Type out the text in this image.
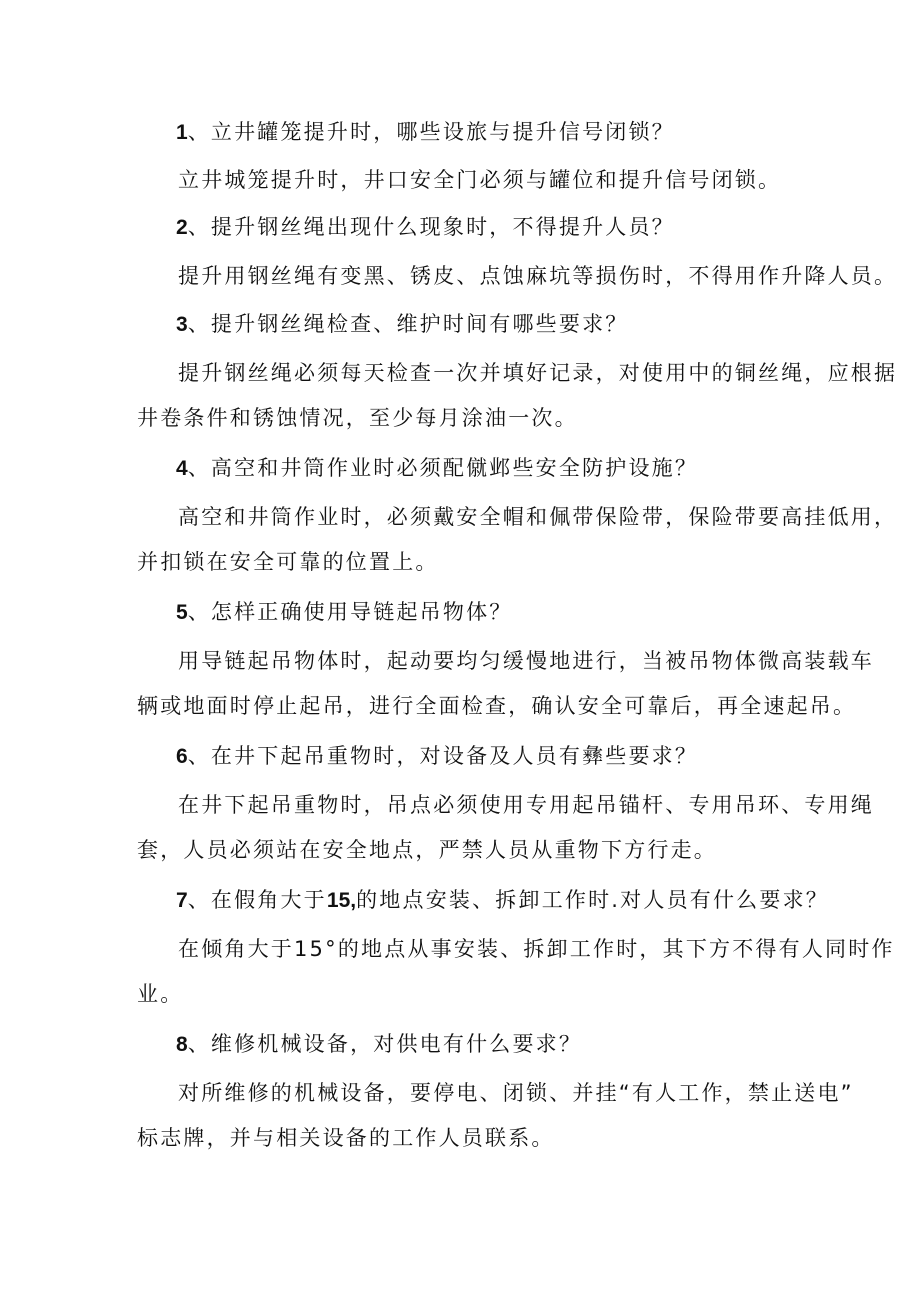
1、立井罐笼提升时，哪些设旅与提升信号闭锁？
立井城笼提升时，井口安全门必须与罐位和提升信号闭锁。
2、提升钢丝绳出现什么现象时，不得提升人员？
提升用钢丝绳有变黑、锈皮、点蚀麻坑等损伤时，不得用作升降人员。
3、提升钢丝绳检查、维护时间有哪些要求？
提升钢丝绳必须每天检查一次并填好记录，对使用中的铜丝绳，应根据
井卷条件和锈蚀情况，至少每月涂油一次。
4、高空和井筒作业时必须配僦邺些安全防护设施？
高空和井筒作业时，必须戴安全帽和佩带保险带，保险带要高挂低用，
并扣锁在安全可靠的位置上。
5、怎样正确使用导链起吊物体？
用导链起吊物体时，起动要均匀缓慢地进行，当被吊物体微高装载车
辆或地面时停止起吊，进行全面检查，确认安全可靠后，再全速起吊。
6、在井下起吊重物时，对设备及人员有彝些要求？
在井下起吊重物时，吊点必须使用专用起吊锚杆、专用吊环、专用绳
套，人员必须站在安全地点，严禁人员从重物下方行走。
7、在假角大于15,的地点安装、拆卸工作时.对人员有什么要求？
在倾角大于15°的地点从事安装、拆卸工作时，其下方不得有人同时作
业。
8、维修机械设备，对供电有什么要求？
对所维修的机械设备，要停电、闭锁、并挂“有人工作，禁止送电”
标志牌，并与相关设备的工作人员联系。
